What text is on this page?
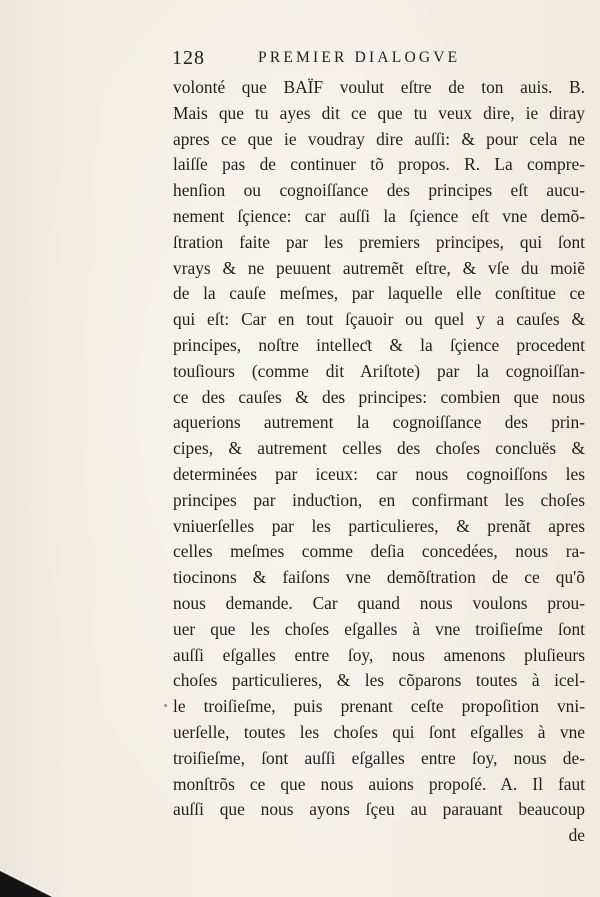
128	PREMIER DIALOGVE
volonté que BAÏF voulut eſtre de ton auis. B.
Mais que tu ayes dit ce que tu veux dire, ie diray
apres ce que ie voudray dire auſſi: & pour cela ne
laiſſe pas de continuer tõ propos. R. La compre-
henſion ou cognoiſſance des principes eſt aucu-
nement ſçience: car auſſi la ſçience eſt vne demõ-
ſtration faite par les premiers principes, qui ſont
vrays & ne peuuent autremẽt eſtre, & vſe du moiẽ
de la cauſe meſmes, par laquelle elle conſtitue ce
qui eſt: Car en tout ſçauoir ou quel y a cauſes &
principes, noſtre intelleƈt & la ſçience procedent
touſiours (comme dit Ariſtote) par la cognoiſſan-
ce des cauſes & des principes: combien que nous
aquerions autrement la cognoiſſance des prin-
cipes, & autrement celles des choſes concluës &
determinées par iceux: car nous cognoiſſons les
principes par induƈtion, en confirmant les choſes
vniuerſelles par les particulieres, & prenãt apres
celles meſmes comme deſia concedées, nous ra-
tiocinons & faiſons vne demõſtration de ce qu'õ
nous demande. Car quand nous voulons prou-
uer que les choſes eſgalles à vne troiſieſme ſont
auſſi eſgalles entre ſoy, nous amenons pluſieurs
choſes particulieres, & les cõparons toutes à icel-
le troiſieſme, puis prenant ceſte propoſition vni-
uerſelle, toutes les choſes qui ſont eſgalles à vne
troiſieſme, ſont auſſi eſgalles entre ſoy, nous de-
monſtrõs ce que nous auions propoſé. A. Il faut
auſſi que nous ayons ſçeu au parauant beaucoup
de
